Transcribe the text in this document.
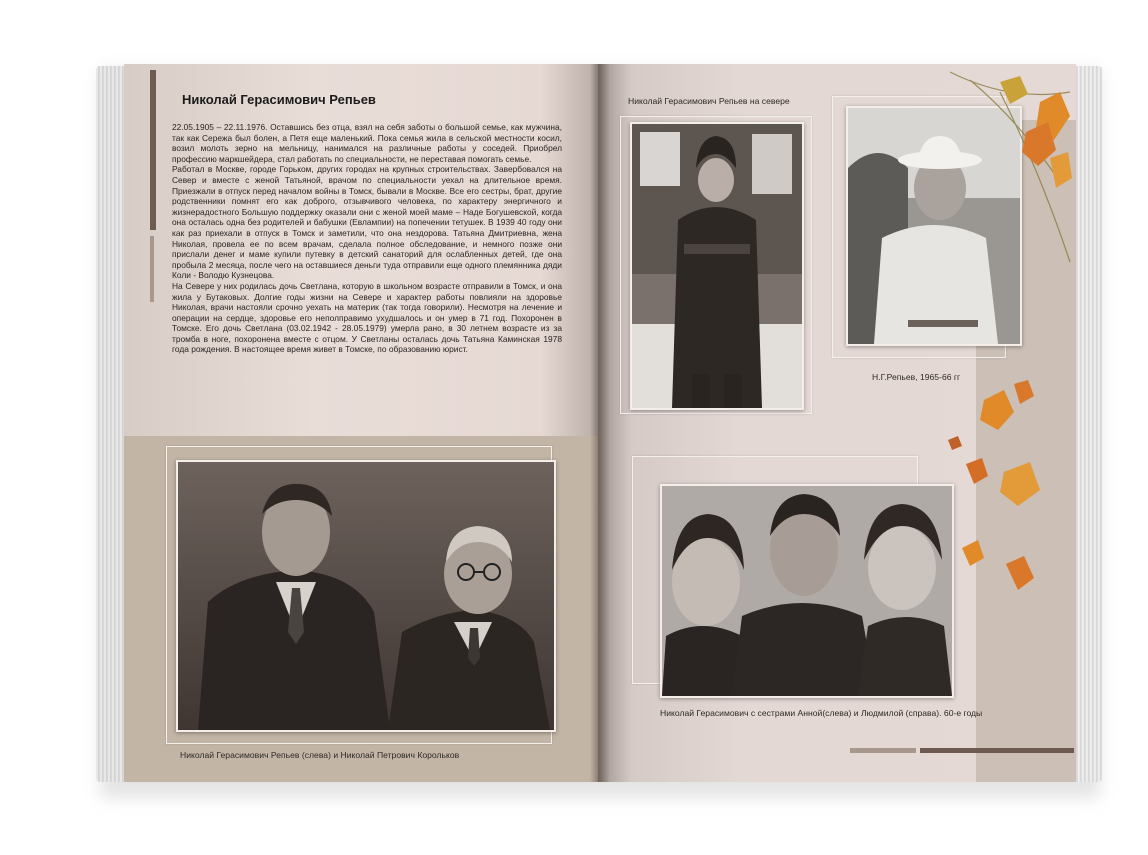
Николай Герасимович Репьев

22.05.1905 – 22.11.1976. Оставшись без отца, взял на себя заботы о большой семье, как мужчина, так как Сережа был болен, а Петя еще маленький. Пока семья жила в сельской местности косил, возил молоть зерно на мельницу, нанимался на различные работы у соседей. Приобрел профессию маркшейдера, стал работать по специальности, не переставая помогать семье.

Работал в Москве, городе Горьком, других городах на крупных строительствах. Завербовался на Север и вместе с женой Татьяной, врачом по специальности уехал на длительное время. Приезжали в отпуск перед началом войны в Томск, бывали в Москве. Все его сестры, брат, другие родственники помнят его как доброго, отзывчивого человека, по характеру энергичного и жизнерадостного Большую поддержку оказали они с женой моей маме – Наде Богушевской, когда она осталась одна без родителей и бабушки (Евлампии) на попечении тетушек. В 1939 40 году они как раз приехали в отпуск в Томск и заметили, что она нездорова. Татьяна Дмитриевна, жена Николая, провела ее по всем врачам, сделала полное обследование, и немного позже они прислали денег и маме купили путевку в детский санаторий для ослабленных детей, где она пробыла 2 месяца, после чего на оставшиеся деньги туда отправили еще одного племянника дяди Коли - Володю Кузнецова.

На Севере у них родилась дочь Светлана, которую в школьном возрасте отправили в Томск, и она жила у Бутаковых. Долгие годы жизни на Севере и характер работы повлияли на здоровье Николая, врачи настояли срочно уехать на материк (так тогда говорили). Несмотря на лечение и операции на сердце, здоровье его неполправимо ухудшалось и он умер в 71 год. Похоронен в Томске. Его дочь Светлана (03.02.1942 - 28.05.1979) умерла рано, в 30 летнем возрасте из за тромба в ноге, похоронена вместе с отцом. У Светланы осталась дочь Татьяна Каминская 1978 года рождения. В настоящее время живет в Томске, по образованию юрист.

Николай Герасимович Репьев (слева) и Николай Петрович Корольков

Николай Герасимович Репьев на севере

Н.Г.Репьев, 1965-66 гг

Николай Герасимович с сестрами Анной(слева) и Людмилой (справа). 60-е годы
